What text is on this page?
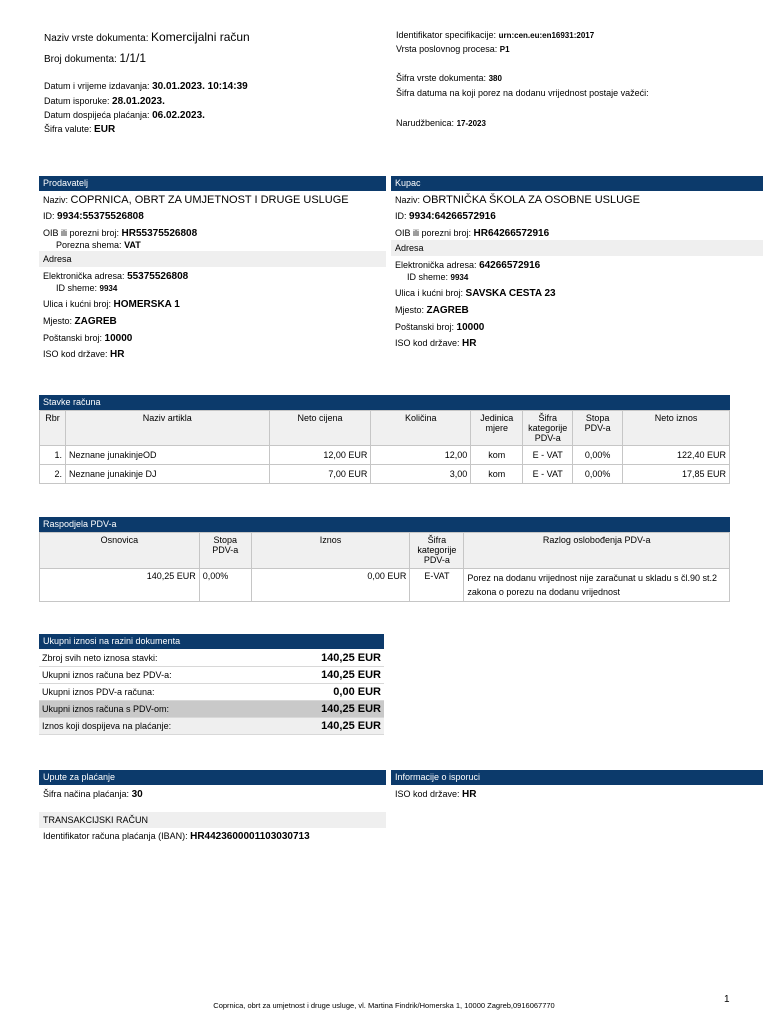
Naziv vrste dokumenta: Komercijalni račun
Broj dokumenta: 1/1/1
Datum i vrijeme izdavanja: 30.01.2023. 10:14:39
Datum isporuke: 28.01.2023.
Datum dospijeća plaćanja: 06.02.2023.
Šifra valute: EUR
Identifikator specifikacije: urn:cen.eu:en16931:2017
Vrsta poslovnog procesa: P1
Šifra vrste dokumenta: 380
Šifra datuma na koji porez na dodanu vrijednost postaje važeći:
Narudžbenica: 17-2023
Prodavatelj
Naziv: COPRNICA, OBRT ZA UMJETNOST I DRUGE USLUGE
ID: 9934:55375526808
OIB ili porezni broj: HR55375526808
Porezna shema: VAT
Adresa
Elektronička adresa: 55375526808
ID sheme: 9934
Ulica i kućni broj: HOMERSKA 1
Mjesto: ZAGREB
Poštanski broj: 10000
ISO kod države: HR
Kupac
Naziv: OBRTNIČKA ŠKOLA ZA OSOBNE USLUGE
ID: 9934:64266572916
OIB ili porezni broj: HR64266572916
Adresa
Elektronička adresa: 64266572916
ID sheme: 9934
Ulica i kućni broj: SAVSKA CESTA 23
Mjesto: ZAGREB
Poštanski broj: 10000
ISO kod države: HR
Stavke računa
Rbr	Naziv artikla	Neto cijena	Količina	Jedinica mjere	Šifra kategorije PDV-a	Stopa PDV-a	Neto iznos
1.	Neznane junakinjeOD	12,00 EUR	12,00	kom	E - VAT	0,00%	122,40 EUR
2.	Neznane junakinje DJ	7,00 EUR	3,00	kom	E - VAT	0,00%	17,85 EUR
Raspodjela PDV-a
Osnovica	Stopa PDV-a	Iznos	Šifra kategorije PDV-a	Razlog oslobođenja PDV-a
140,25 EUR	0,00%	0,00 EUR	E-VAT	Porez na dodanu vrijednost nije zaračunat u skladu s čl.90 st.2 zakona o porezu na dodanu vrijednost
Ukupni iznosi na razini dokumenta
Zbroj svih neto iznosa stavki:	140,25 EUR
Ukupni iznos računa bez PDV-a:	140,25 EUR
Ukupni iznos PDV-a računa:	0,00 EUR
Ukupni iznos računa s PDV-om:	140,25 EUR
Iznos koji dospijeva na plaćanje:	140,25 EUR
Upute za plaćanje
Šifra načina plaćanja: 30
TRANSAKCIJSKI RAČUN
Identifikator računa plaćanja (IBAN): HR4423600001103030713
Informacije o isporuci
ISO kod države: HR
1
Coprnica, obrt za umjetnost i druge usluge, vl. Martina Findrik/Homerska 1, 10000 Zagreb,0916067770
